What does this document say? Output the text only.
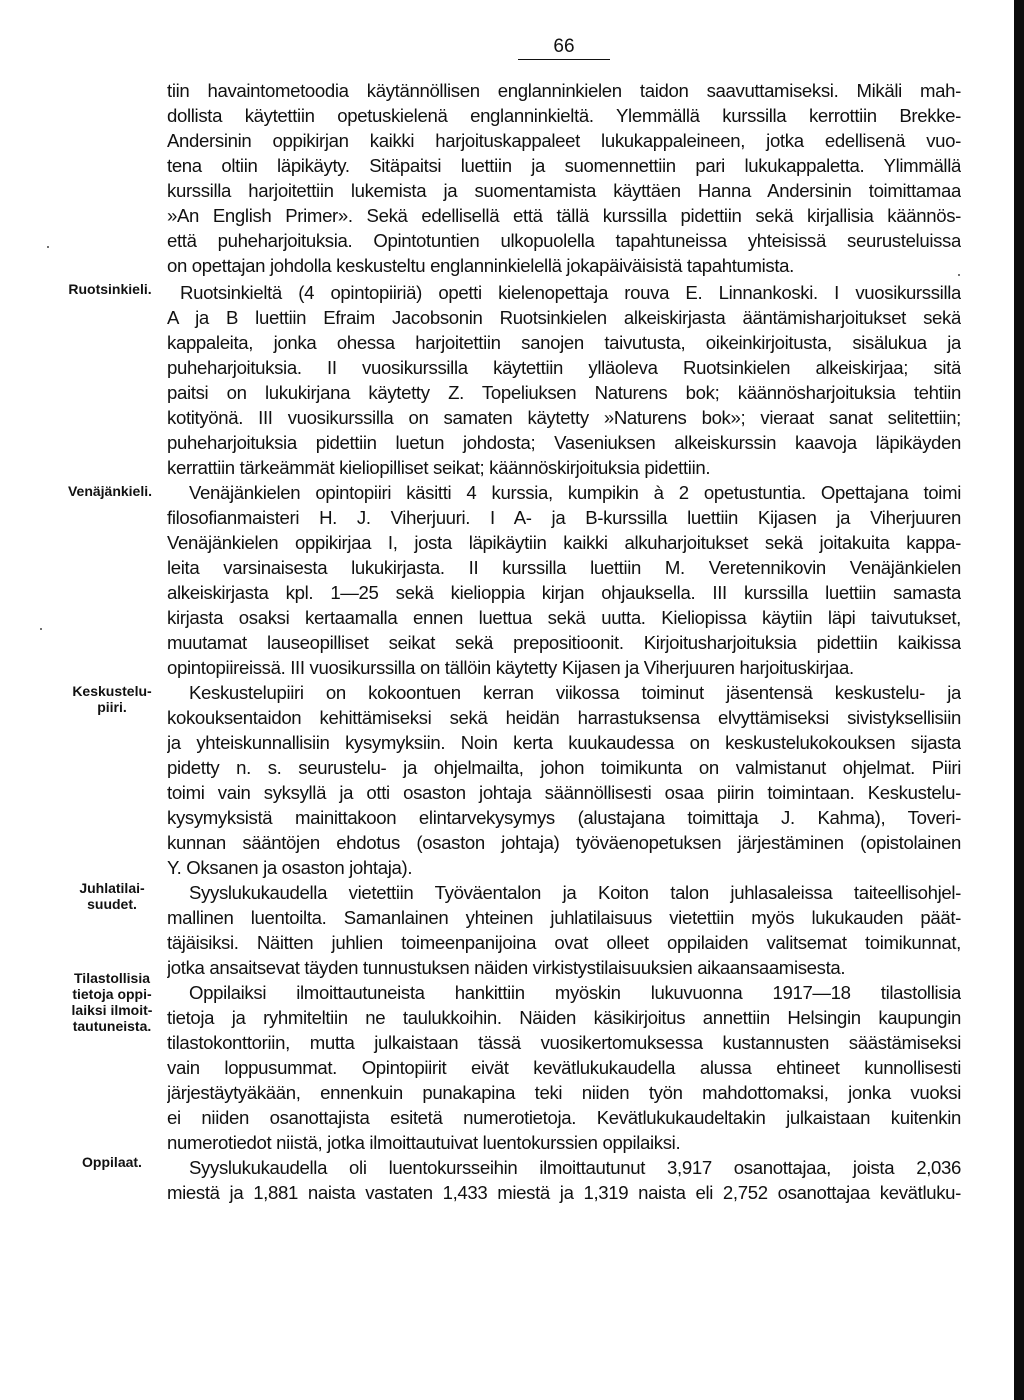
66
Ruotsinkieli.
Venäjänkieli.
Keskustelu-
piiri.
Juhlatilai-
suudet.
Tilastollisia
tietoja oppi-
laiksi ilmoit-
tautuneista.
Oppilaat.
tiin havaintometoodia käytännöllisen englanninkielen taidon saavuttamiseksi. Mikäli mah-
dollista käytettiin opetuskielenä englanninkieltä. Ylemmällä kurssilla kerrottiin Brekke-
Andersinin oppikirjan kaikki harjoituskappaleet lukukappaleineen, jotka edellisenä vuo-
tena oltiin läpikäyty. Sitäpaitsi luettiin ja suomennettiin pari lukukappaletta. Ylimmällä
kurssilla harjoitettiin lukemista ja suomentamista käyttäen Hanna Andersinin toimittamaa
»An English Primer». Sekä edellisellä että tällä kurssilla pidettiin sekä kirjallisia käännös-
että puheharjoituksia. Opintotuntien ulkopuolella tapahtuneissa yhteisissä seurusteluissa
on opettajan johdolla keskusteltu englanninkielellä jokapäiväisistä tapahtumista.
Ruotsinkieltä (4 opintopiiriä) opetti kielenopettaja rouva E. Linnankoski. I vuosikurssilla
A ja B luettiin Efraim Jacobsonin Ruotsinkielen alkeiskirjasta ääntämisharjoitukset sekä
kappaleita, jonka ohessa harjoitettiin sanojen taivutusta, oikeinkirjoitusta, sisälukua ja
puheharjoituksia. II vuosikurssilla käytettiin ylläoleva Ruotsinkielen alkeiskirjaa; sitä
paitsi on lukukirjana käytetty Z. Topeliuksen Naturens bok; käännösharjoituksia tehtiin
kotityönä. III vuosikurssilla on samaten käytetty »Naturens bok»; vieraat sanat selitettiin;
puheharjoituksia pidettiin luetun johdosta; Vaseniuksen alkeiskurssin kaavoja läpikäyden
kerrattiin tärkeämmät kieliopilliset seikat; käännöskirjoituksia pidettiin.
Venäjänkielen opintopiiri käsitti 4 kurssia, kumpikin à 2 opetustuntia. Opettajana toimi
filosofianmaisteri H. J. Viherjuuri. I A- ja B-kurssilla luettiin Kijasen ja Viherjuuren
Venäjänkielen oppikirjaa I, josta läpikäytiin kaikki alkuharjoitukset sekä joitakuita kappa-
leita varsinaisesta lukukirjasta. II kurssilla luettiin M. Veretennikovin Venäjänkielen
alkeiskirjasta kpl. 1—25 sekä kielioppia kirjan ohjauksella. III kurssilla luettiin samasta
kirjasta osaksi kertaamalla ennen luettua sekä uutta. Kieliopissa käytiin läpi taivutukset,
muutamat lauseopilliset seikat sekä prepositioonit. Kirjoitusharjoituksia pidettiin kaikissa
opintopiireissä. III vuosikurssilla on tällöin käytetty Kijasen ja Viherjuuren harjoituskirjaa.
Keskustelupiiri on kokoontuen kerran viikossa toiminut jäsentensä keskustelu- ja
kokouksentaidon kehittämiseksi sekä heidän harrastuksensa elvyttämiseksi sivistyksellisiin
ja yhteiskunnallisiin kysymyksiin. Noin kerta kuukaudessa on keskustelukokouksen sijasta
pidetty n. s. seurustelu- ja ohjelmailta, johon toimikunta on valmistanut ohjelmat. Piiri
toimi vain syksyllä ja otti osaston johtaja säännöllisesti osaa piirin toimintaan. Keskustelu-
kysymyksistä mainittakoon elintarvekysymys (alustajana toimittaja J. Kahma), Toveri-
kunnan sääntöjen ehdotus (osaston johtaja) työväenopetuksen järjestäminen (opistolainen
Y. Oksanen ja osaston johtaja).
Syyslukukaudella vietettiin Työväentalon ja Koiton talon juhlasaleissa taiteellisohjel-
mallinen luentoilta. Samanlainen yhteinen juhlatilaisuus vietettiin myös lukukauden päät-
täjäisiksi. Näitten juhlien toimeenpanijoina ovat olleet oppilaiden valitsemat toimikunnat,
jotka ansaitsevat täyden tunnustuksen näiden virkistystilaisuuksien aikaansaamisesta.
Oppilaiksi ilmoittautuneista hankittiin myöskin lukuvuonna 1917—18 tilastollisia
tietoja ja ryhmiteltiin ne taulukkoihin. Näiden käsikirjoitus annettiin Helsingin kaupungin
tilastokonttoriin, mutta julkaistaan tässä vuosikertomuksessa kustannusten säästämiseksi
vain loppusummat. Opintopiirit eivät kevätlukukaudella alussa ehtineet kunnollisesti
järjestäytyäkään, ennenkuin punakapina teki niiden työn mahdottomaksi, jonka vuoksi
ei niiden osanottajista esitetä numerotietoja. Kevätlukukaudeltakin julkaistaan kuitenkin
numerotiedot niistä, jotka ilmoittautuivat luentokurssien oppilaiksi.
Syyslukukaudella oli luentokursseihin ilmoittautunut 3,917 osanottajaa, joista 2,036
miestä ja 1,881 naista vastaten 1,433 miestä ja 1,319 naista eli 2,752 osanottajaa kevätluku-
